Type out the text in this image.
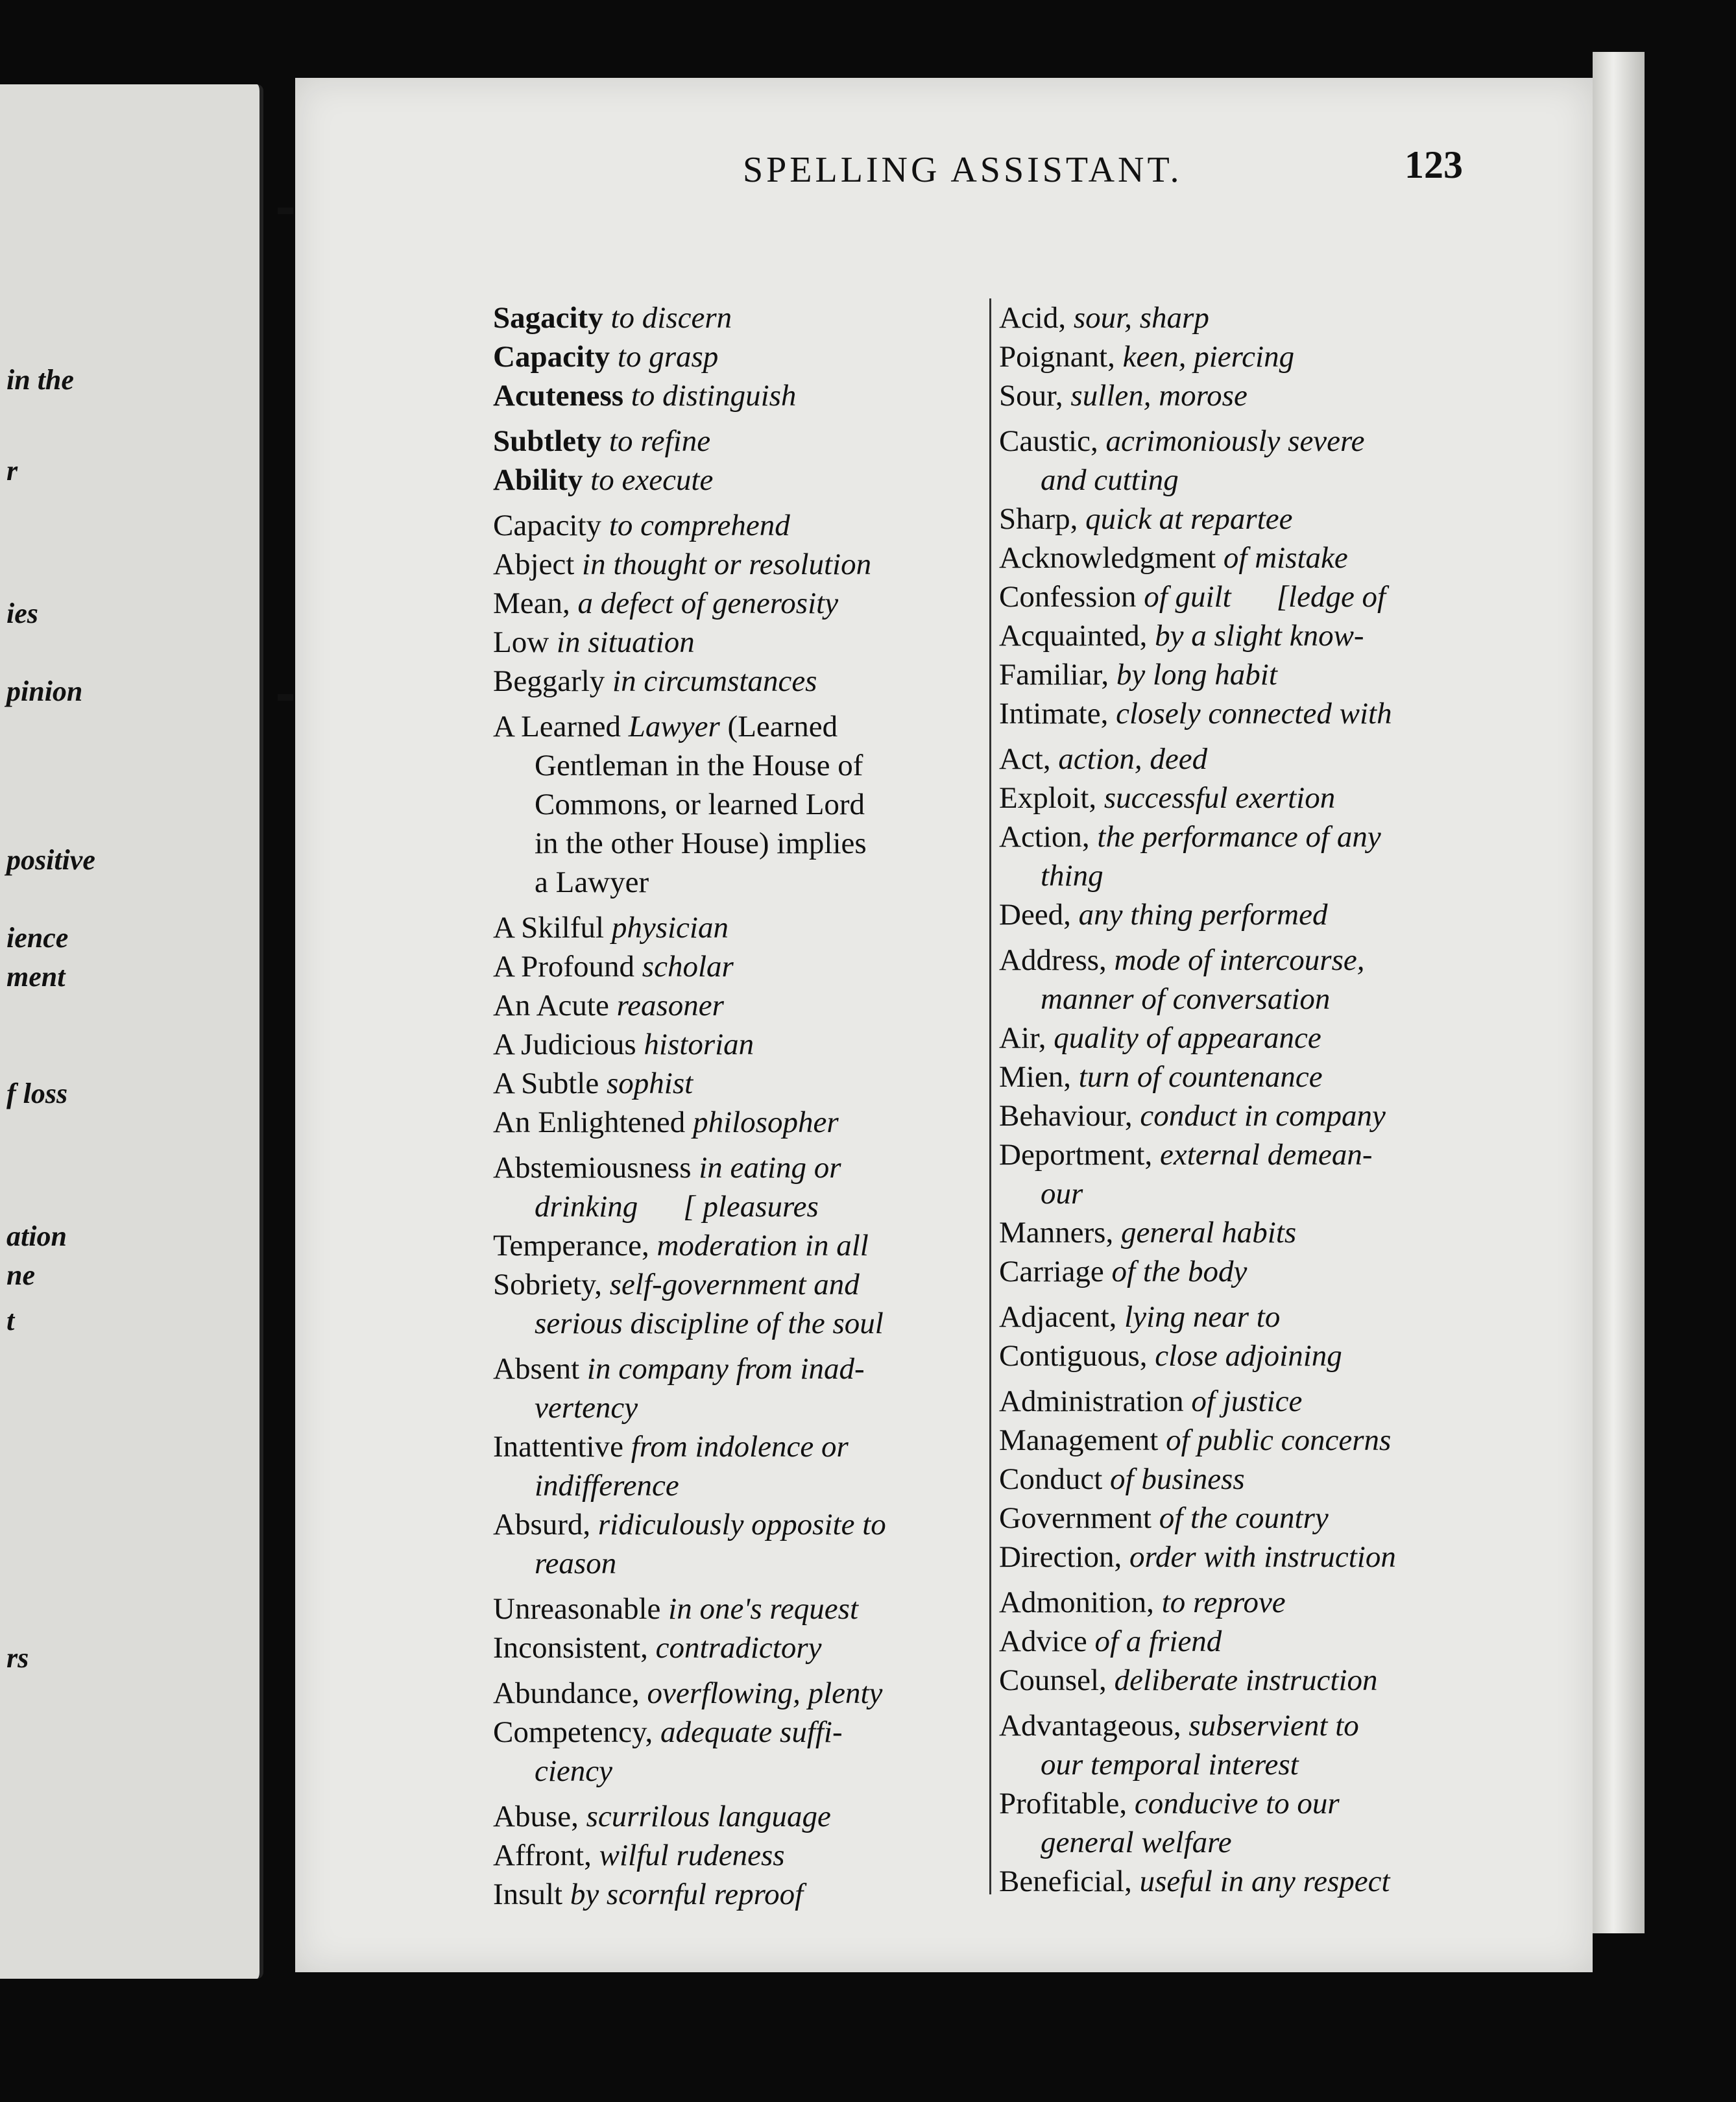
in the
r
ies
pinion
positive
ience
ment
f loss
ation
ne
t
rs
SPELLING ASSISTANT.	123
Sagacity to discern
Capacity to grasp
Acuteness to distinguish
Subtlety to refine
Ability to execute
Capacity to comprehend
Abject in thought or resolution
Mean, a defect of generosity
Low in situation
Beggarly in circumstances
A Learned Lawyer (Learned
Gentleman in the House of
Commons, or learned Lord
in the other House) implies
a Lawyer
A Skilful physician
A Profound scholar
An Acute reasoner
A Judicious historian
A Subtle sophist
An Enlightened philosopher
Abstemiousness in eating or
drinking [ pleasures
Temperance, moderation in all
Sobriety, self-government and
serious discipline of the soul
Absent in company from inad-
vertency
Inattentive from indolence or
indifference
Absurd, ridiculously opposite to
reason
Unreasonable in one's request
Inconsistent, contradictory
Abundance, overflowing, plenty
Competency, adequate suffi-
ciency
Abuse, scurrilous language
Affront, wilful rudeness
Insult by scornful reproof
Acid, sour, sharp
Poignant, keen, piercing
Sour, sullen, morose
Caustic, acrimoniously severe
and cutting
Sharp, quick at repartee
Acknowledgment of mistake
Confession of guilt [ledge of
Acquainted, by a slight know-
Familiar, by long habit
Intimate, closely connected with
Act, action, deed
Exploit, successful exertion
Action, the performance of any
thing
Deed, any thing performed
Address, mode of intercourse,
manner of conversation
Air, quality of appearance
Mien, turn of countenance
Behaviour, conduct in company
Deportment, external demean-
our
Manners, general habits
Carriage of the body
Adjacent, lying near to
Contiguous, close adjoining
Administration of justice
Management of public concerns
Conduct of business
Government of the country
Direction, order with instruction
Admonition, to reprove
Advice of a friend
Counsel, deliberate instruction
Advantageous, subservient to
our temporal interest
Profitable, conducive to our
general welfare
Beneficial, useful in any respect
